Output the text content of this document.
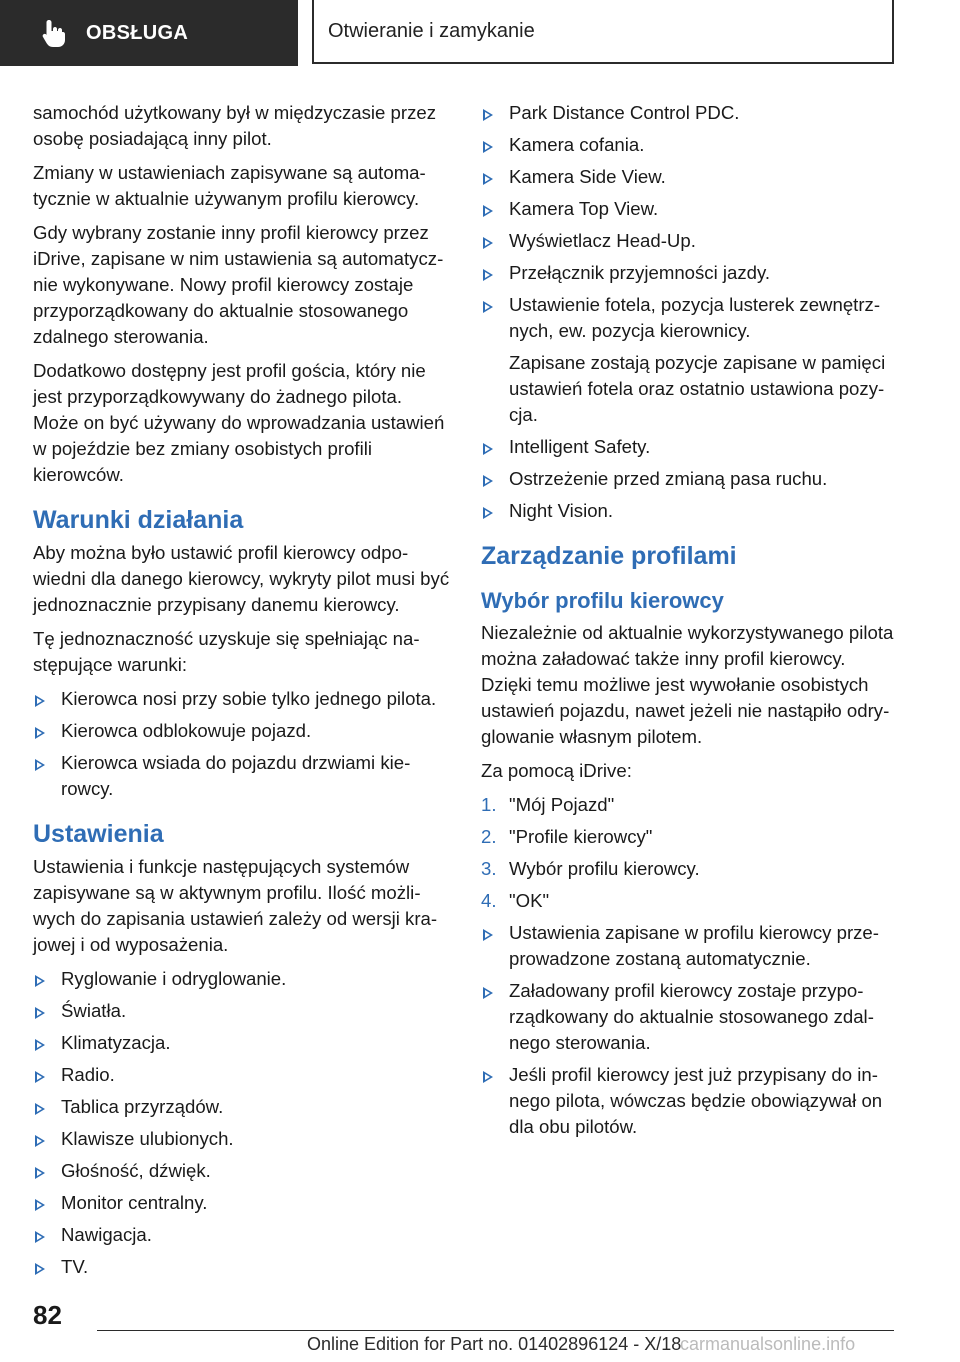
OBSŁUGA	Otwieranie i zamykanie

samochód użytkowany był w międzyczasie przez osobę posiadającą inny pilot.

Zmiany w ustawieniach zapisywane są automatycznie w aktualnie używanym profilu kierowcy.

Gdy wybrany zostanie inny profil kierowcy przez iDrive, zapisane w nim ustawienia są automatycznie wykonywane. Nowy profil kierowcy zostaje przyporządkowany do aktualnie stosowanego zdalnego sterowania.

Dodatkowo dostępny jest profil gościa, który nie jest przyporządkowywany do żadnego pilota. Może on być używany do wprowadzania ustawień w pojeździe bez zmiany osobistych profili kierowców.

Warunki działania

Aby można było ustawić profil kierowcy odpowiedni dla danego kierowcy, wykryty pilot musi być jednoznacznie przypisany danemu kierowcy.

Tę jednoznaczność uzyskuje się spełniając następujące warunki:

Kierowca nosi przy sobie tylko jednego pilota.
Kierowca odblokowuje pojazd.
Kierowca wsiada do pojazdu drzwiami kierowcy.
Ustawienia

Ustawienia i funkcje następujących systemów zapisywane są w aktywnym profilu. Ilość możliwych do zapisania ustawień zależy od wersji krajowej i od wyposażenia.

Ryglowanie i odryglowanie.
Światła.
Klimatyzacja.
Radio.
Tablica przyrządów.
Klawisze ulubionych.
Głośność, dźwięk.
Monitor centralny.
Nawigacja.
TV.
Park Distance Control PDC.
Kamera cofania.
Kamera Side View.
Kamera Top View.
Wyświetlacz Head-Up.
Przełącznik przyjemności jazdy.
Ustawienie fotela, pozycja lusterek zewnętrznych, ew. pozycja kierownicy.

Zapisane zostają pozycje zapisane w pamięci ustawień fotela oraz ostatnio ustawiona pozycja.

Intelligent Safety.
Ostrzeżenie przed zmianą pasa ruchu.
Night Vision.
Zarządzanie profilami
Wybór profilu kierowcy

Niezależnie od aktualnie wykorzystywanego pilota można załadować także inny profil kierowcy. Dzięki temu możliwe jest wywołanie osobistych ustawień pojazdu, nawet jeżeli nie nastąpiło odryglowanie własnym pilotem.

Za pomocą iDrive:

1. "Mój Pojazd"
2. "Profile kierowcy"
3. Wybór profilu kierowcy.
4. "OK"
Ustawienia zapisane w profilu kierowcy przeprowadzone zostaną automatycznie.
Załadowany profil kierowcy zostaje przyporządkowany do aktualnie stosowanego zdalnego sterowania.
Jeśli profil kierowcy jest już przypisany do innego pilota, wówczas będzie obowiązywał on dla obu pilotów.
82
Online Edition for Part no. 01402896124 - X/18
carmanualsonline.info
